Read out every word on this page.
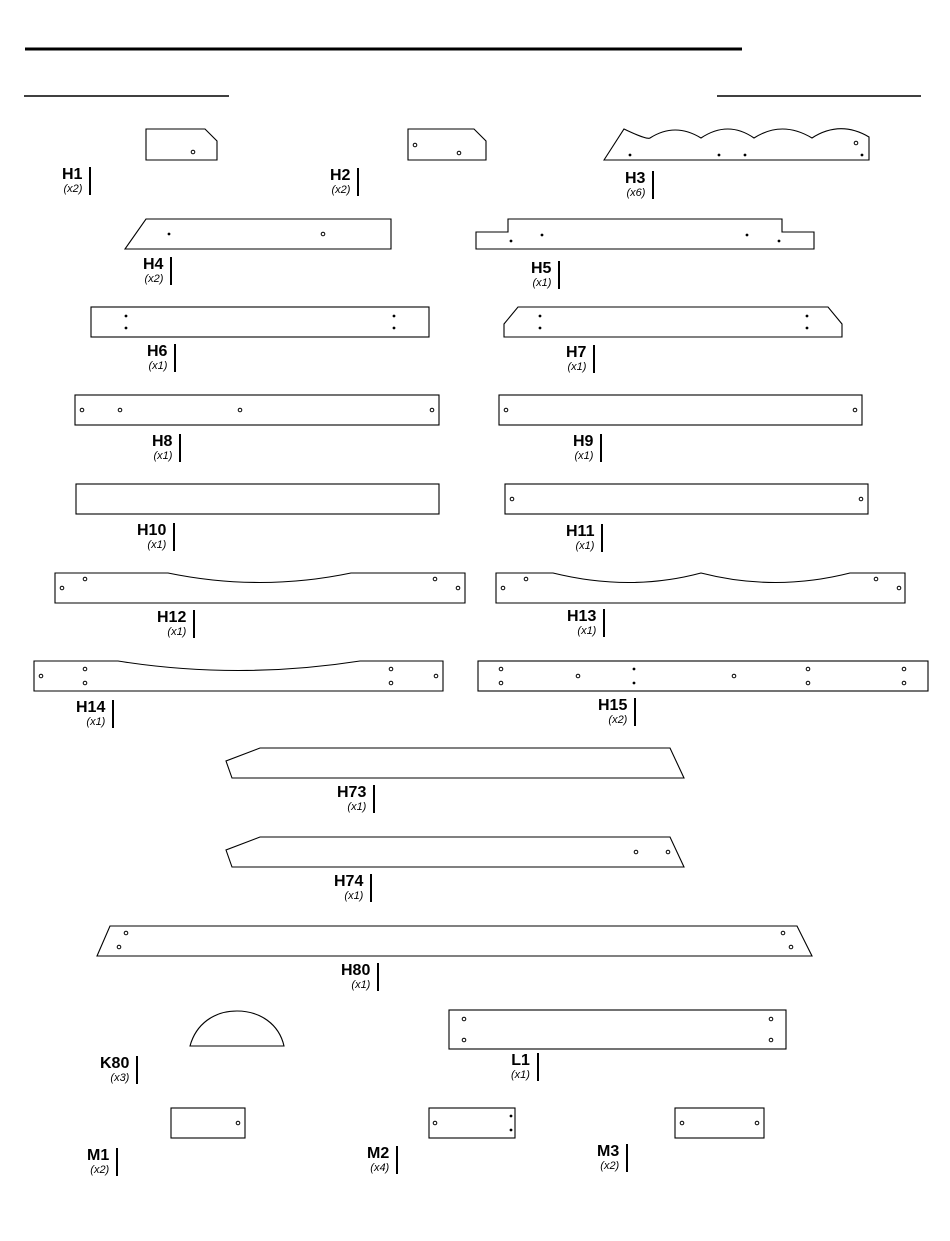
H1
(x2)
H2
(x2)
H3
(x6)
H4
(x2)
H5
(x1)
H6
(x1)
H7
(x1)
H8
(x1)
H9
(x1)
H10
(x1)
H11
(x1)
H12
(x1)
H13
(x1)
H14
(x1)
H15
(x2)
H73
(x1)
H74
(x1)
H80
(x1)
K80
(x3)
L1
(x1)
M1
(x2)
M2
(x4)
M3
(x2)
